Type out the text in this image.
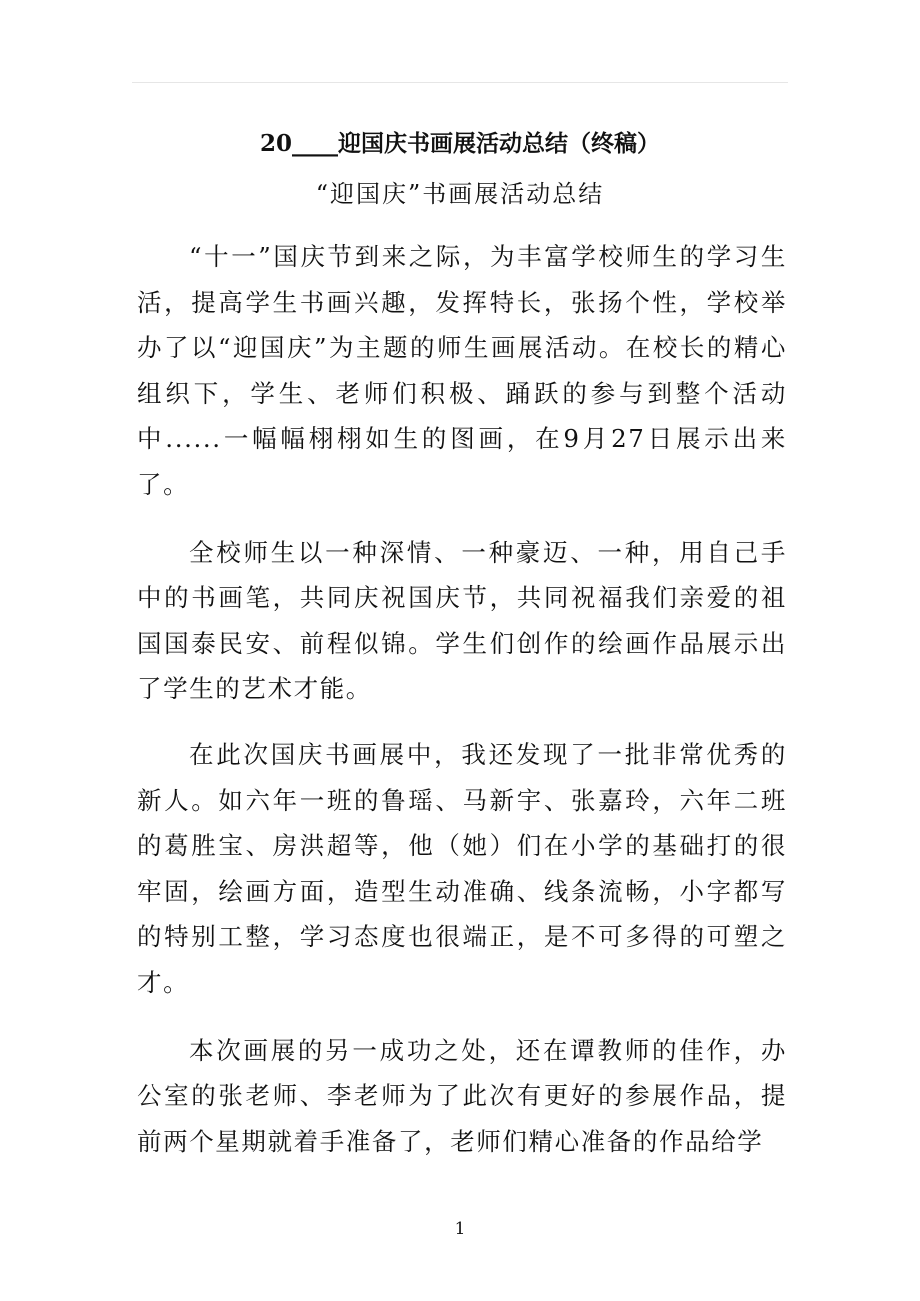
20____迎国庆书画展活动总结（终稿）
“迎国庆”书画展活动总结

“十一”国庆节到来之际，为丰富学校师生的学习生活，提高学生书画兴趣，发挥特长，张扬个性，学校举办了以“迎国庆”为主题的师生画展活动。在校长的精心组织下，学生、老师们积极、踊跃的参与到整个活动中......一幅幅栩栩如生的图画，在9月27日展示出来了。

全校师生以一种深情、一种豪迈、一种，用自己手中的书画笔，共同庆祝国庆节，共同祝福我们亲爱的祖国国泰民安、前程似锦。学生们创作的绘画作品展示出了学生的艺术才能。

在此次国庆书画展中，我还发现了一批非常优秀的新人。如六年一班的鲁瑶、马新宇、张嘉玲，六年二班的葛胜宝、房洪超等，他（她）们在小学的基础打的很牢固，绘画方面，造型生动准确、线条流畅，小字都写的特别工整，学习态度也很端正，是不可多得的可塑之才。

本次画展的另一成功之处，还在谭教师的佳作，办公室的张老师、李老师为了此次有更好的参展作品，提前两个星期就着手准备了，老师们精心准备的作品给学

1
